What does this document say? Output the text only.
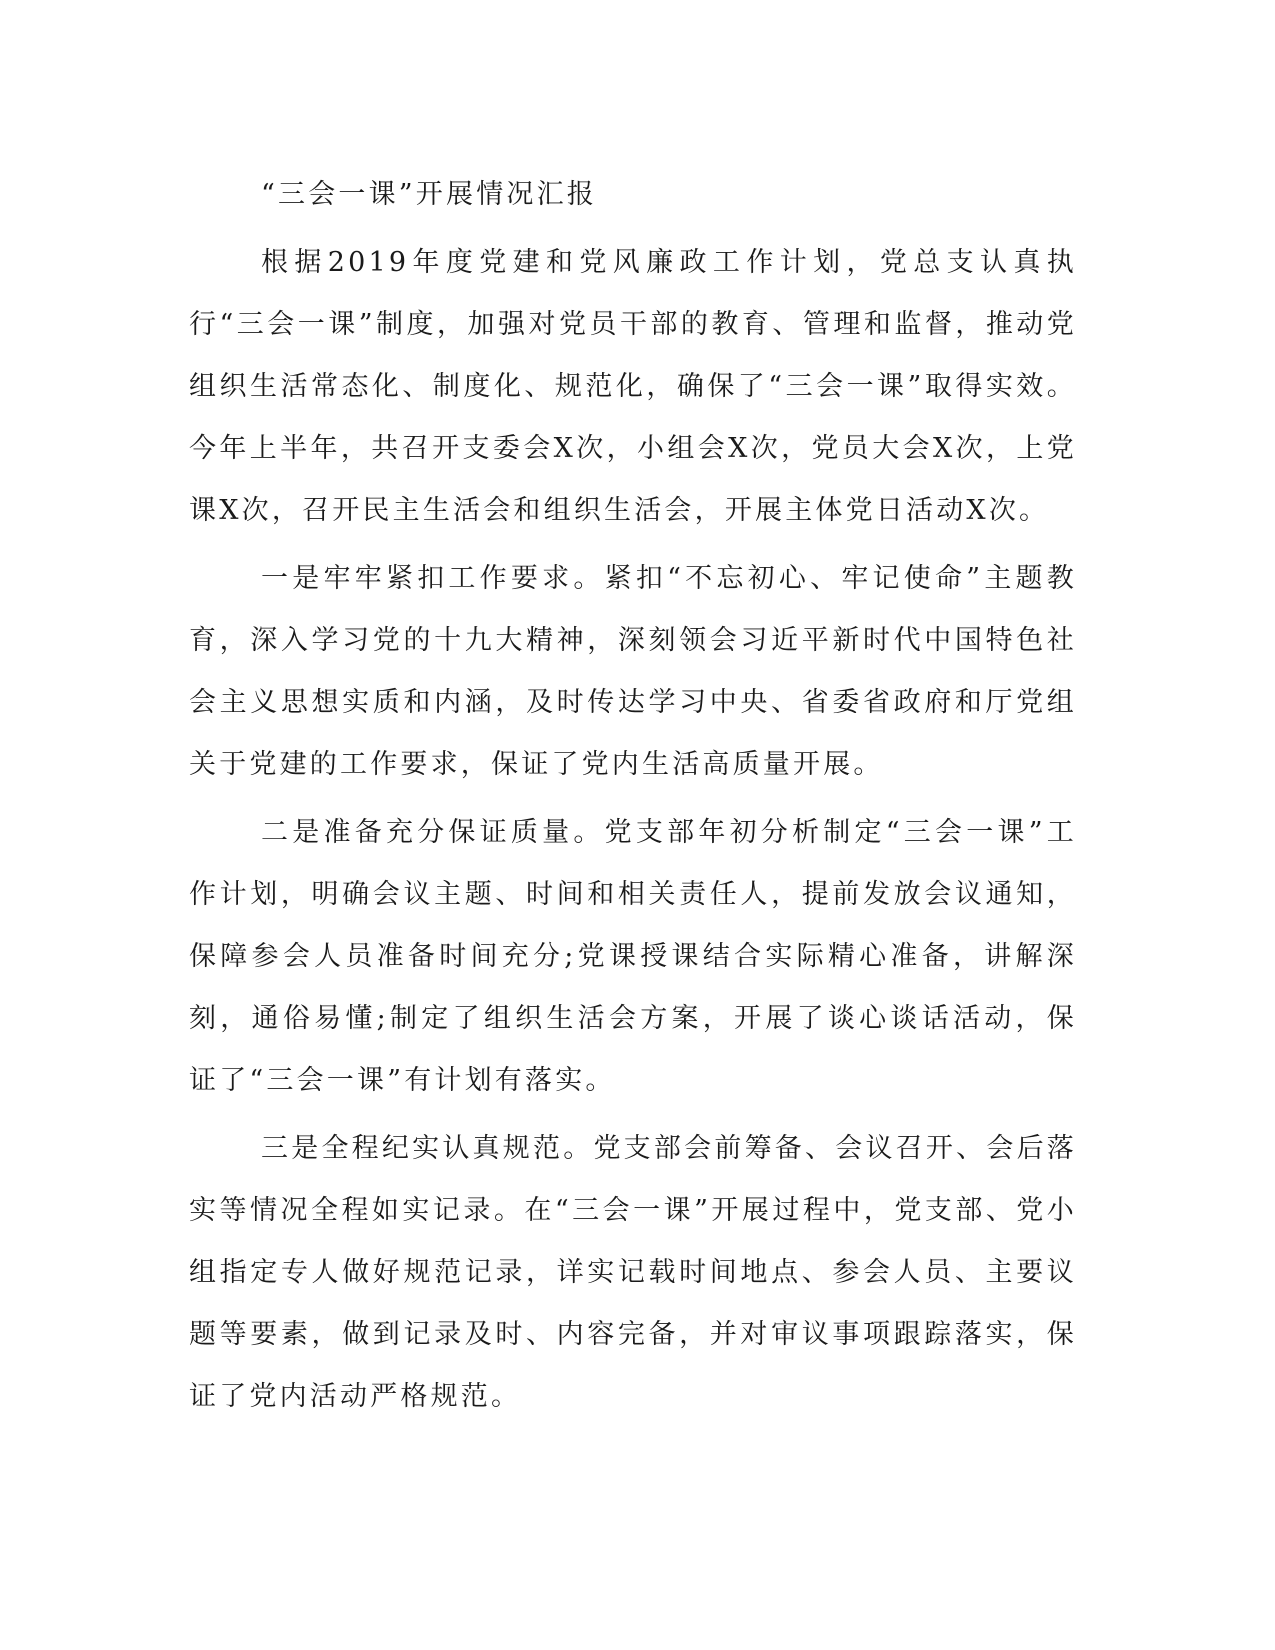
“三会一课”开展情况汇报

根据2019年度党建和党风廉政工作计划，党总支认真执行“三会一课”制度，加强对党员干部的教育、管理和监督，推动党组织生活常态化、制度化、规范化，确保了“三会一课”取得实效。今年上半年，共召开支委会X次，小组会X次，党员大会X次，上党课X次，召开民主生活会和组织生活会，开展主体党日活动X次。

一是牢牢紧扣工作要求。紧扣“不忘初心、牢记使命”主题教育，深入学习党的十九大精神，深刻领会习近平新时代中国特色社会主义思想实质和内涵，及时传达学习中央、省委省政府和厅党组关于党建的工作要求，保证了党内生活高质量开展。

二是准备充分保证质量。党支部年初分析制定“三会一课”工作计划，明确会议主题、时间和相关责任人，提前发放会议通知，保障参会人员准备时间充分;党课授课结合实际精心准备，讲解深刻，通俗易懂;制定了组织生活会方案，开展了谈心谈话活动，保证了“三会一课”有计划有落实。

三是全程纪实认真规范。党支部会前筹备、会议召开、会后落实等情况全程如实记录。在“三会一课”开展过程中，党支部、党小组指定专人做好规范记录，详实记载时间地点、参会人员、主要议题等要素，做到记录及时、内容完备，并对审议事项跟踪落实，保证了党内活动严格规范。
